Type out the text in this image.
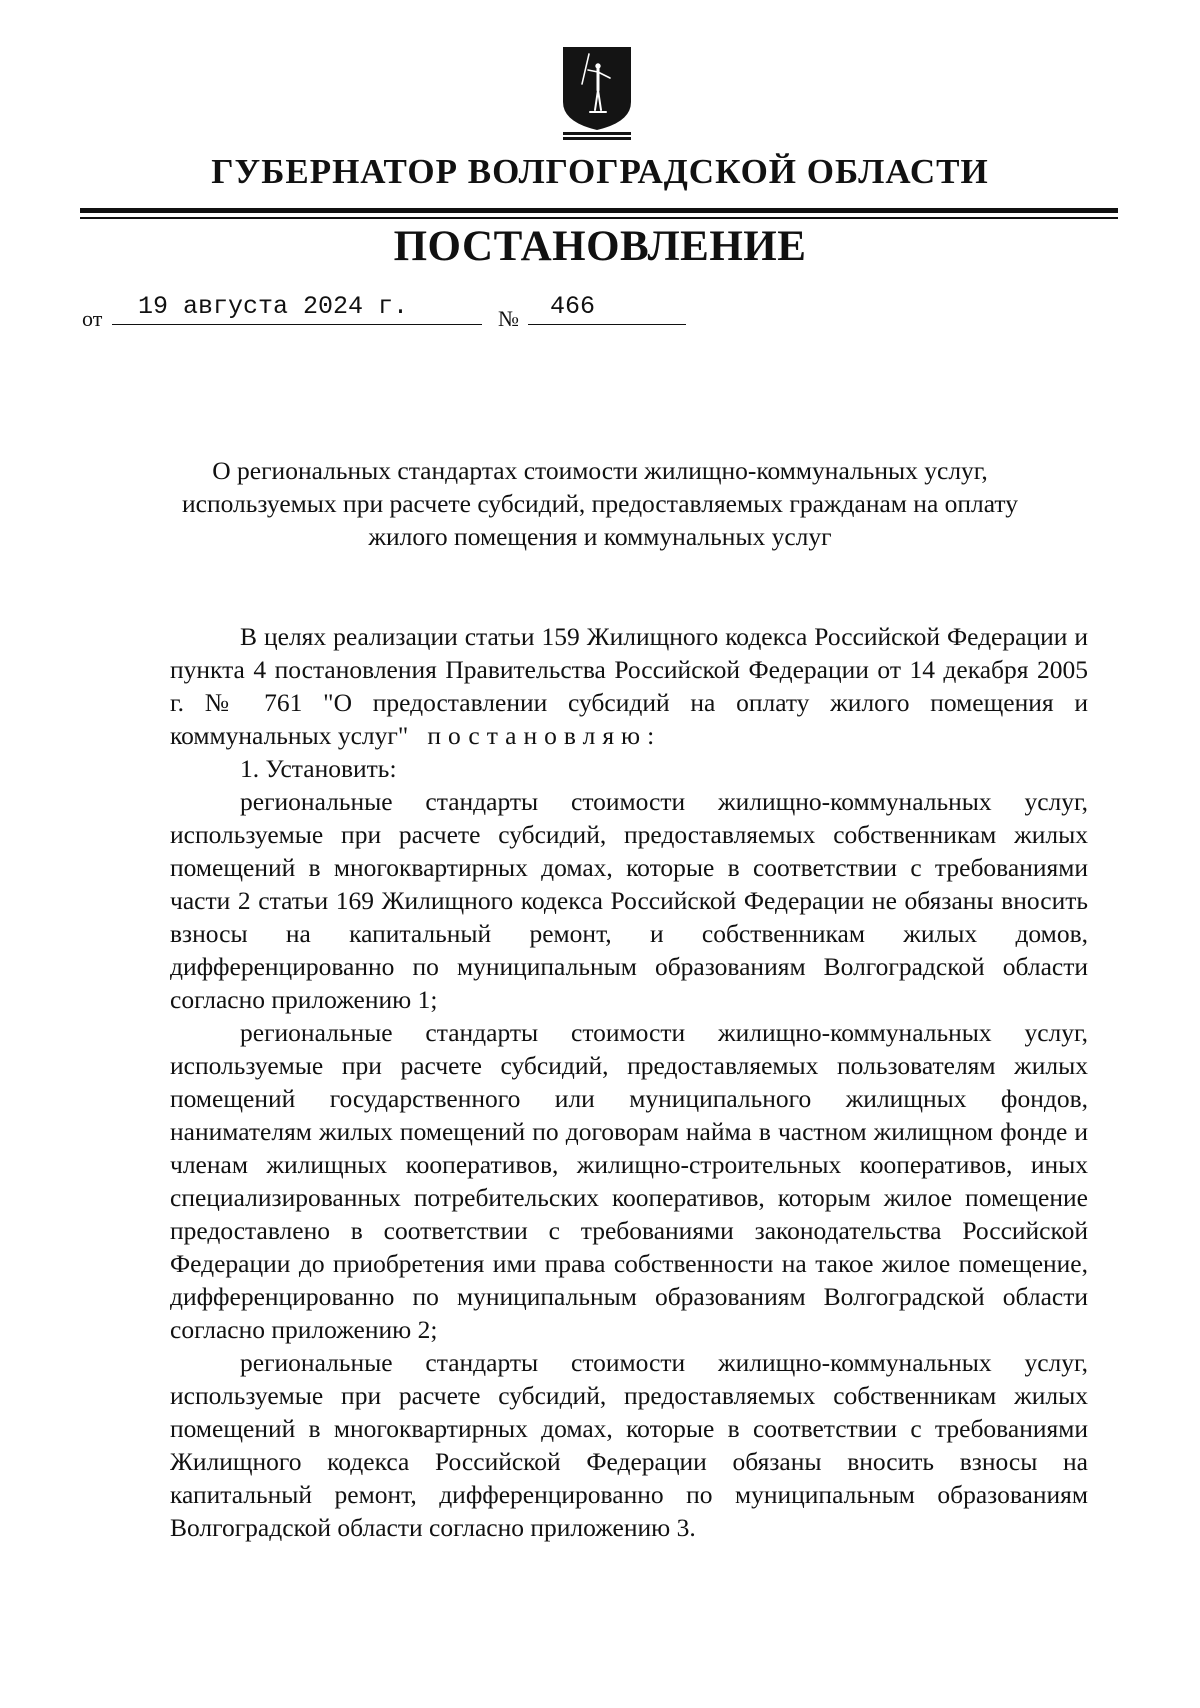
ГУБЕРНАТОР ВОЛГОГРАДСКОЙ ОБЛАСТИ
ПОСТАНОВЛЕНИЕ
от 19 августа 2024 г.	№ 466
О региональных стандартах стоимости жилищно-коммунальных услуг, используемых при расчете субсидий, предоставляемых гражданам на оплату жилого помещения и коммунальных услуг

В целях реализации статьи 159 Жилищного кодекса Российской Федерации и пункта 4 постановления Правительства Российской Федерации от 14 декабря 2005 г. № 761 "О предоставлении субсидий на оплату жилого помещения и коммунальных услуг" постановляю:

1. Установить:

региональные стандарты стоимости жилищно-коммунальных услуг, используемые при расчете субсидий, предоставляемых собственникам жилых помещений в многоквартирных домах, которые в соответствии с требованиями части 2 статьи 169 Жилищного кодекса Российской Федерации не обязаны вносить взносы на капитальный ремонт, и собственникам жилых домов, дифференцированно по муниципальным образованиям Волгоградской области согласно приложению 1;

региональные стандарты стоимости жилищно-коммунальных услуг, используемые при расчете субсидий, предоставляемых пользователям жилых помещений государственного или муниципального жилищных фондов, нанимателям жилых помещений по договорам найма в частном жилищном фонде и членам жилищных кооперативов, жилищно-строительных кооперативов, иных специализированных потребительских кооперативов, которым жилое помещение предоставлено в соответствии с требованиями законодательства Российской Федерации до приобретения ими права собственности на такое жилое помещение, дифференцированно по муниципальным образованиям Волгоградской области согласно приложению 2;

региональные стандарты стоимости жилищно-коммунальных услуг, используемые при расчете субсидий, предоставляемых собственникам жилых помещений в многоквартирных домах, которые в соответствии с требованиями Жилищного кодекса Российской Федерации обязаны вносить взносы на капитальный ремонт, дифференцированно по муниципальным образованиям Волгоградской области согласно приложению 3.
